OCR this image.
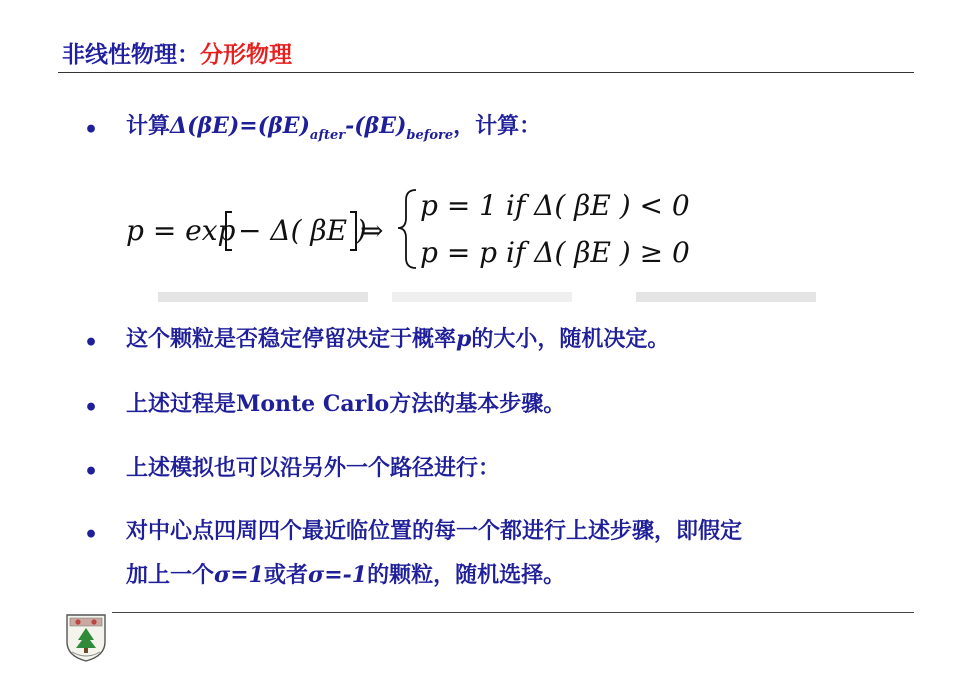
非线性物理：分形物理
• 计算$\Delta(\beta E)=(\beta E)_{after}-(\beta E)_{before}$，计算：
p = exp − Δ( βE )
⇒
p = 1 if Δ( βE ) < 0
p = p if Δ( βE ) ≥ 0
• 这个颗粒是否稳定停留决定于概率p的大小，随机决定。
• 上述过程是Monte Carlo方法的基本步骤。
• 上述模拟也可以沿另外一个路径进行：
• 对中心点四周四个最近临位置的每一个都进行上述步骤，即假定
加上一个σ=1或者σ=-1的颗粒，随机选择。
